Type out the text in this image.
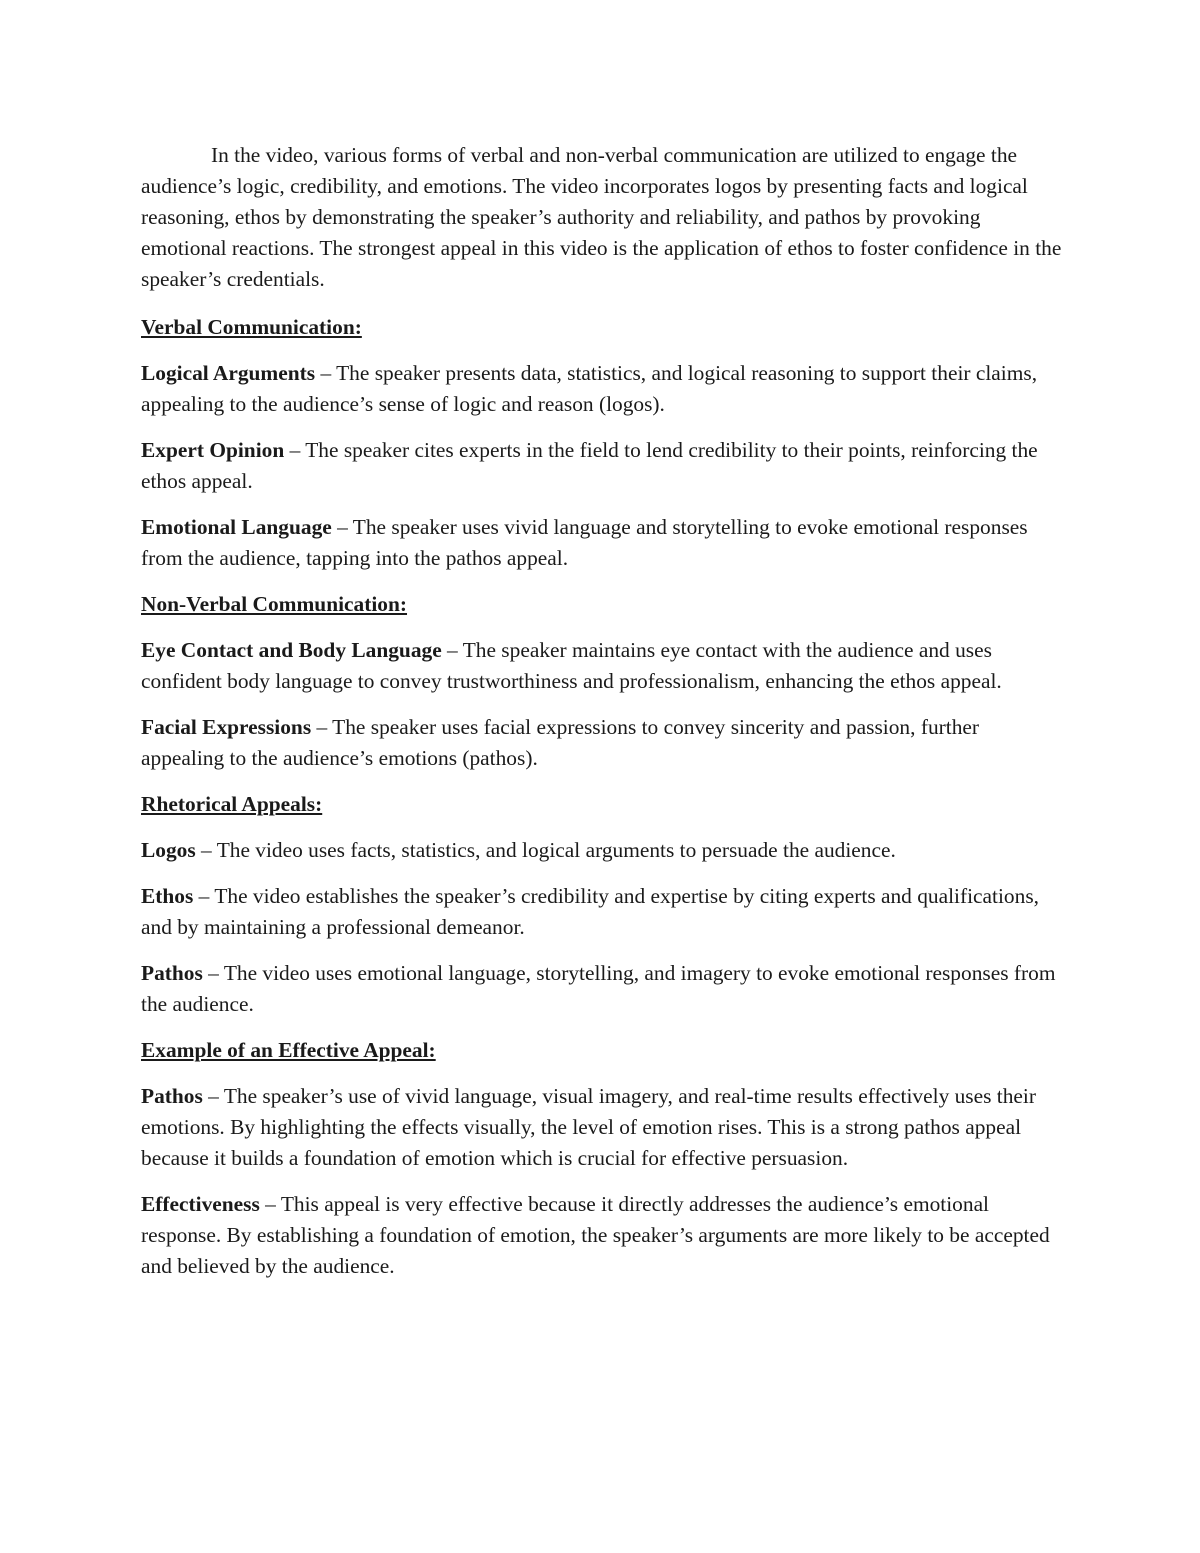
In the video, various forms of verbal and non-verbal communication are utilized to engage the audience’s logic, credibility, and emotions. The video incorporates logos by presenting facts and logical reasoning, ethos by demonstrating the speaker’s authority and reliability, and pathos by provoking emotional reactions. The strongest appeal in this video is the application of ethos to foster confidence in the speaker’s credentials.

Verbal Communication:

Logical Arguments – The speaker presents data, statistics, and logical reasoning to support their claims, appealing to the audience’s sense of logic and reason (logos).

Expert Opinion – The speaker cites experts in the field to lend credibility to their points, reinforcing the ethos appeal.

Emotional Language – The speaker uses vivid language and storytelling to evoke emotional responses from the audience, tapping into the pathos appeal.

Non-Verbal Communication:

Eye Contact and Body Language – The speaker maintains eye contact with the audience and uses confident body language to convey trustworthiness and professionalism, enhancing the ethos appeal.

Facial Expressions – The speaker uses facial expressions to convey sincerity and passion, further appealing to the audience’s emotions (pathos).

Rhetorical Appeals:

Logos – The video uses facts, statistics, and logical arguments to persuade the audience.

Ethos – The video establishes the speaker’s credibility and expertise by citing experts and qualifications, and by maintaining a professional demeanor.

Pathos – The video uses emotional language, storytelling, and imagery to evoke emotional responses from the audience.

Example of an Effective Appeal:

Pathos – The speaker’s use of vivid language, visual imagery, and real-time results effectively uses their emotions. By highlighting the effects visually, the level of emotion rises. This is a strong pathos appeal because it builds a foundation of emotion which is crucial for effective persuasion.

Effectiveness – This appeal is very effective because it directly addresses the audience’s emotional response. By establishing a foundation of emotion, the speaker’s arguments are more likely to be accepted and believed by the audience.
